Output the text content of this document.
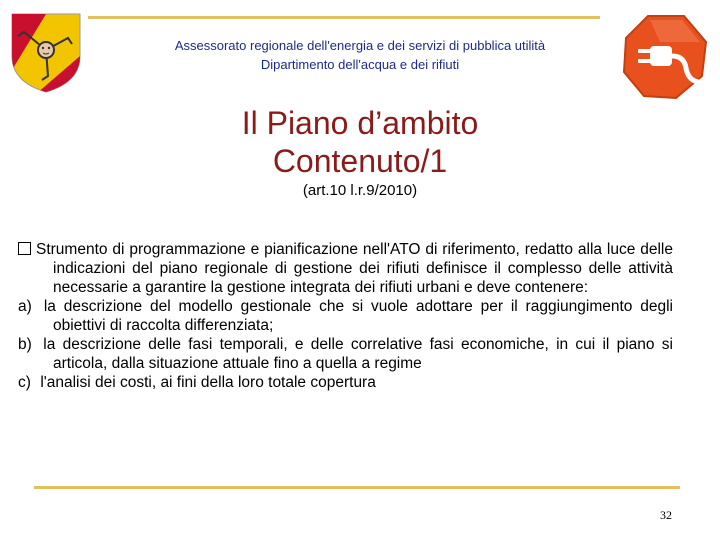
Assessorato regionale dell'energia e dei servizi di pubblica utilità
Dipartimento dell'acqua e dei rifiuti
Il Piano d’ambito
Contenuto/1
(art.10 l.r.9/2010)

Strumento di programmazione e pianificazione nell'ATO di riferimento, redatto alla luce delle indicazioni del piano regionale di gestione dei rifiuti definisce il complesso delle attività necessarie a garantire la gestione integrata dei rifiuti urbani e deve contenere:

a) la descrizione del modello gestionale che si vuole adottare per il raggiungimento degli obiettivi di raccolta differenziata;

b) la descrizione delle fasi temporali, e delle correlative fasi economiche, in cui il piano si articola, dalla situazione attuale fino a quella a regime

c) l'analisi dei costi, ai fini della loro totale copertura

32
